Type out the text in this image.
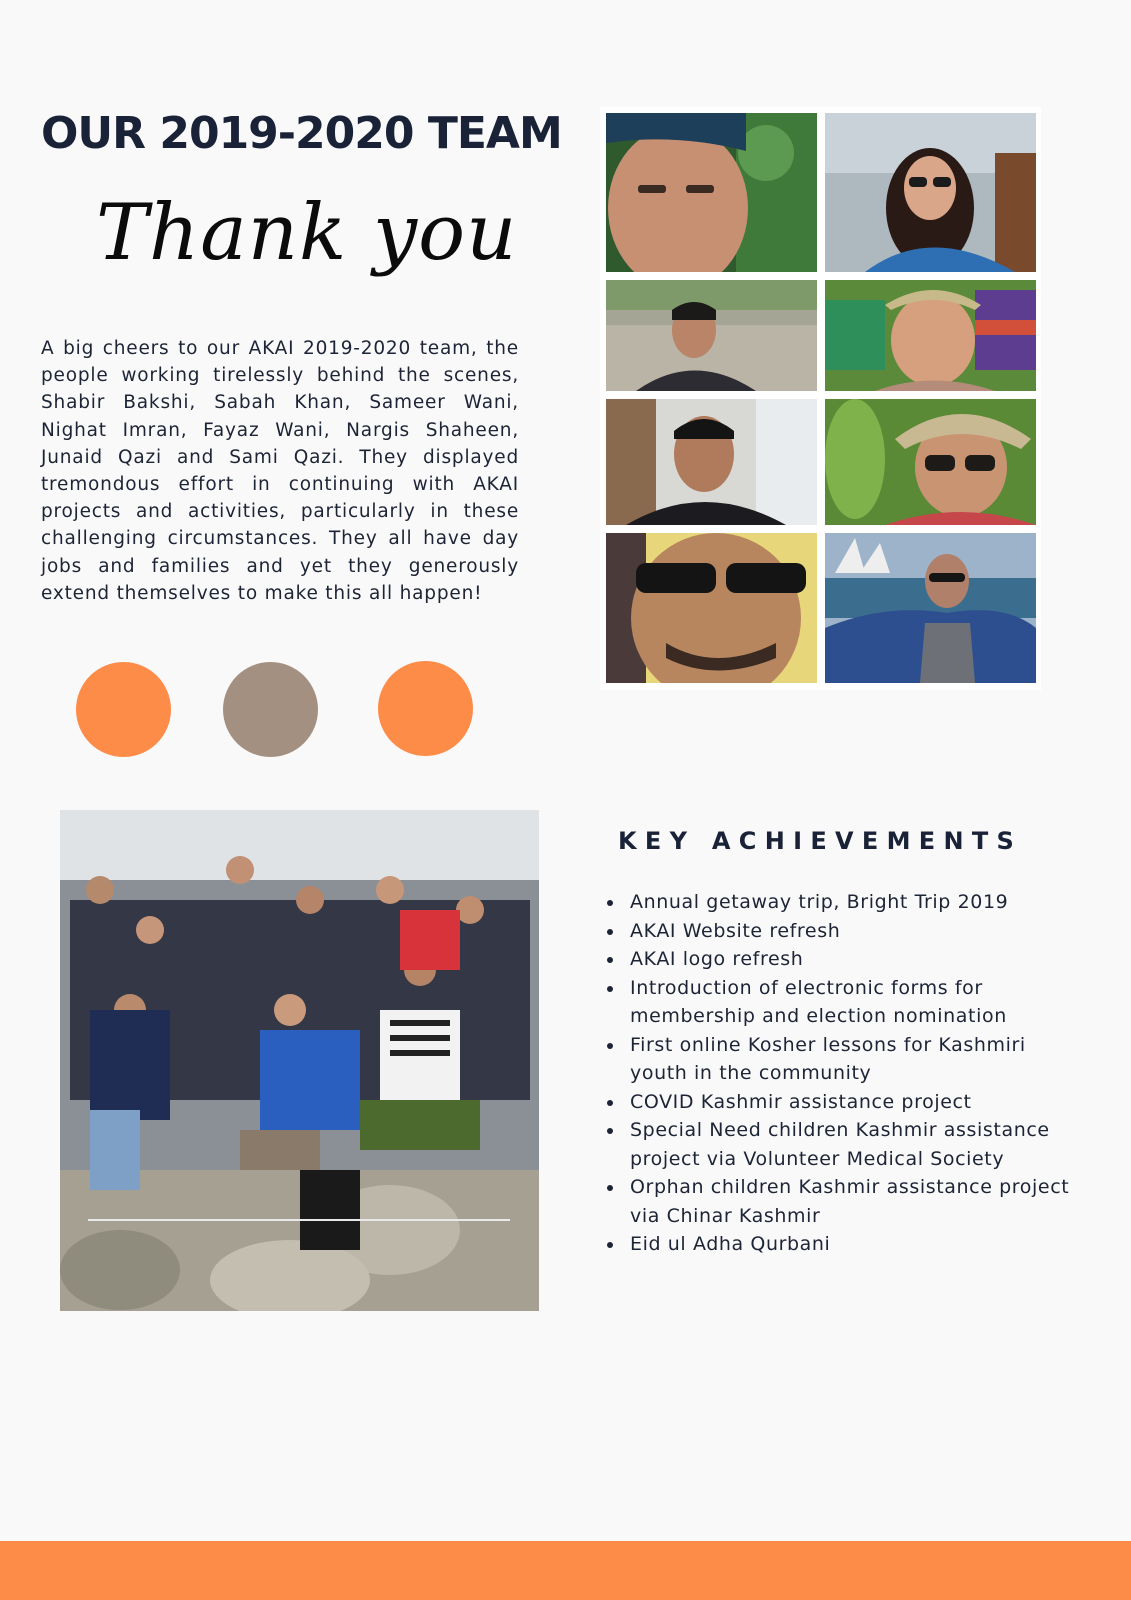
OUR 2019-2020 TEAM
Thank you

A big cheers to our AKAI 2019-2020 team, the people working tirelessly behind the scenes, Shabir Bakshi, Sabah Khan, Sameer Wani, Nighat Imran, Fayaz Wani, Nargis Shaheen, Junaid Qazi and Sami Qazi. They displayed tremondous effort in continuing with AKAI projects and activities, particularly in these challenging circumstances. They all have day jobs and families and yet they generously extend themselves to make this all happen!

KEY ACHIEVEMENTS
Annual getaway trip, Bright Trip 2019
AKAI Website refresh
AKAI logo refresh
Introduction of electronic forms for membership and election nomination
First online Kosher lessons for Kashmiri youth in the community
COVID Kashmir assistance project
Special Need children Kashmir assistance project via Volunteer Medical Society
Orphan children Kashmir assistance project via Chinar Kashmir
Eid ul Adha Qurbani
